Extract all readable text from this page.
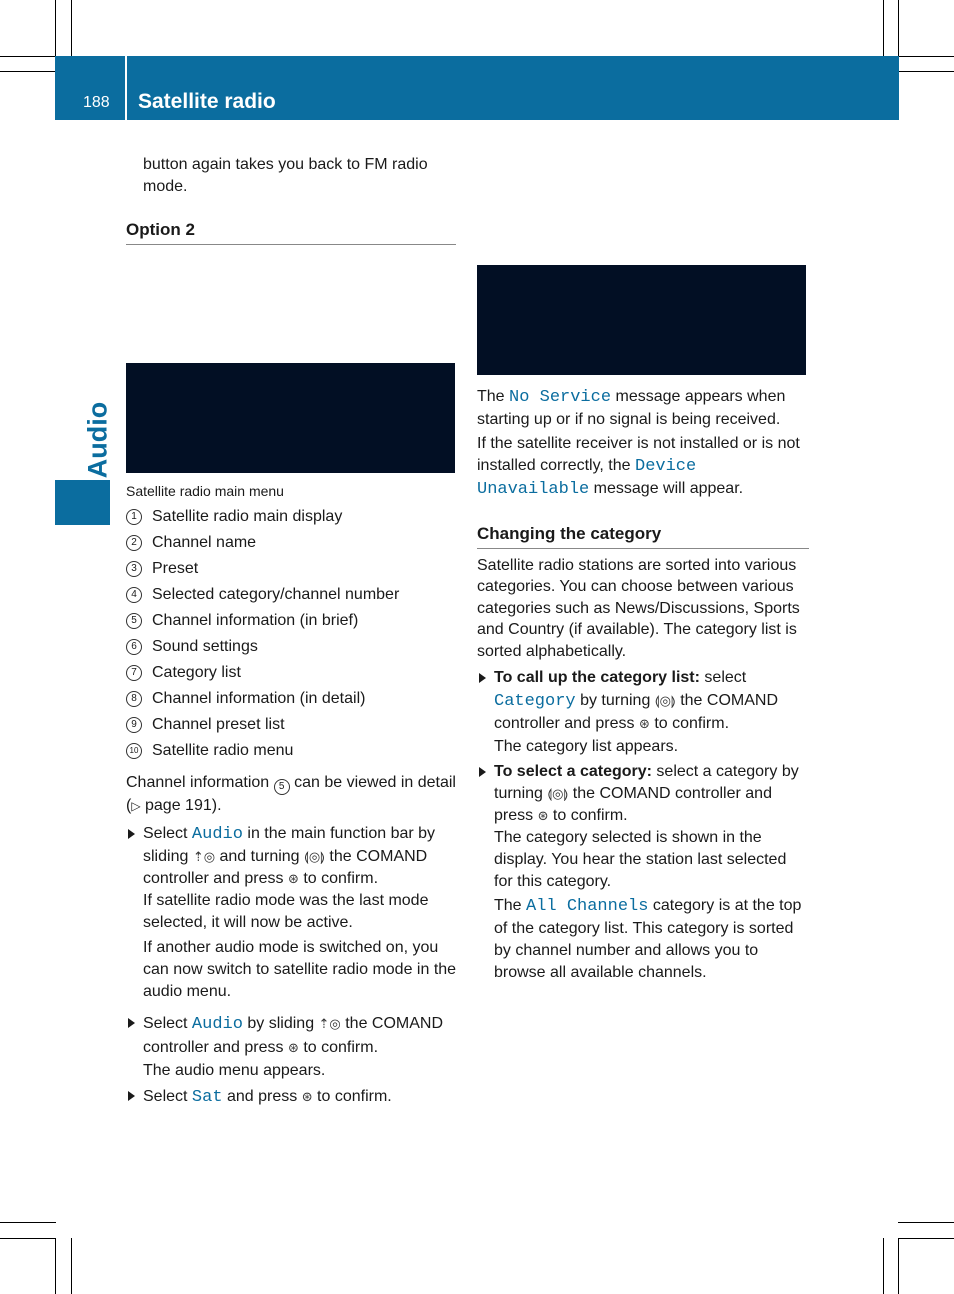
188 Satellite radio
Audio

button again takes you back to FM radio mode.

Option 2

Satellite radio main menu

1 Satellite radio main display
2 Channel name
3 Preset
4 Selected category/channel number
5 Channel information (in brief)
6 Sound settings
7 Category list
8 Channel information (in detail)
9 Channel preset list
10 Satellite radio menu

Channel information 5 can be viewed in detail (▷ page 191).

Select Audio in the main function bar by sliding ⇡◎ and turning ⟬◎⟭ the COMAND controller and press ⊛ to confirm.

If satellite radio mode was the last mode selected, it will now be active.

If another audio mode is switched on, you can now switch to satellite radio mode in the audio menu.

Select Audio by sliding ⇡◎ the COMAND controller and press ⊛ to confirm.

The audio menu appears.

Select Sat and press ⊛ to confirm.

The No Service message appears when starting up or if no signal is being received.

If the satellite receiver is not installed or is not installed correctly, the Device
Unavailable message will appear.

Changing the category

Satellite radio stations are sorted into various categories. You can choose between various categories such as News/Discussions, Sports and Country (if available). The category list is sorted alphabetically.

To call up the category list: select Category by turning ⟬◎⟭ the COMAND controller and press ⊛ to confirm.

The category list appears.

To select a category: select a category by turning ⟬◎⟭ the COMAND controller and press ⊛ to confirm.

The category selected is shown in the display. You hear the station last selected for this category.

The All Channels category is at the top of the category list. This category is sorted by channel number and allows you to browse all available channels.
